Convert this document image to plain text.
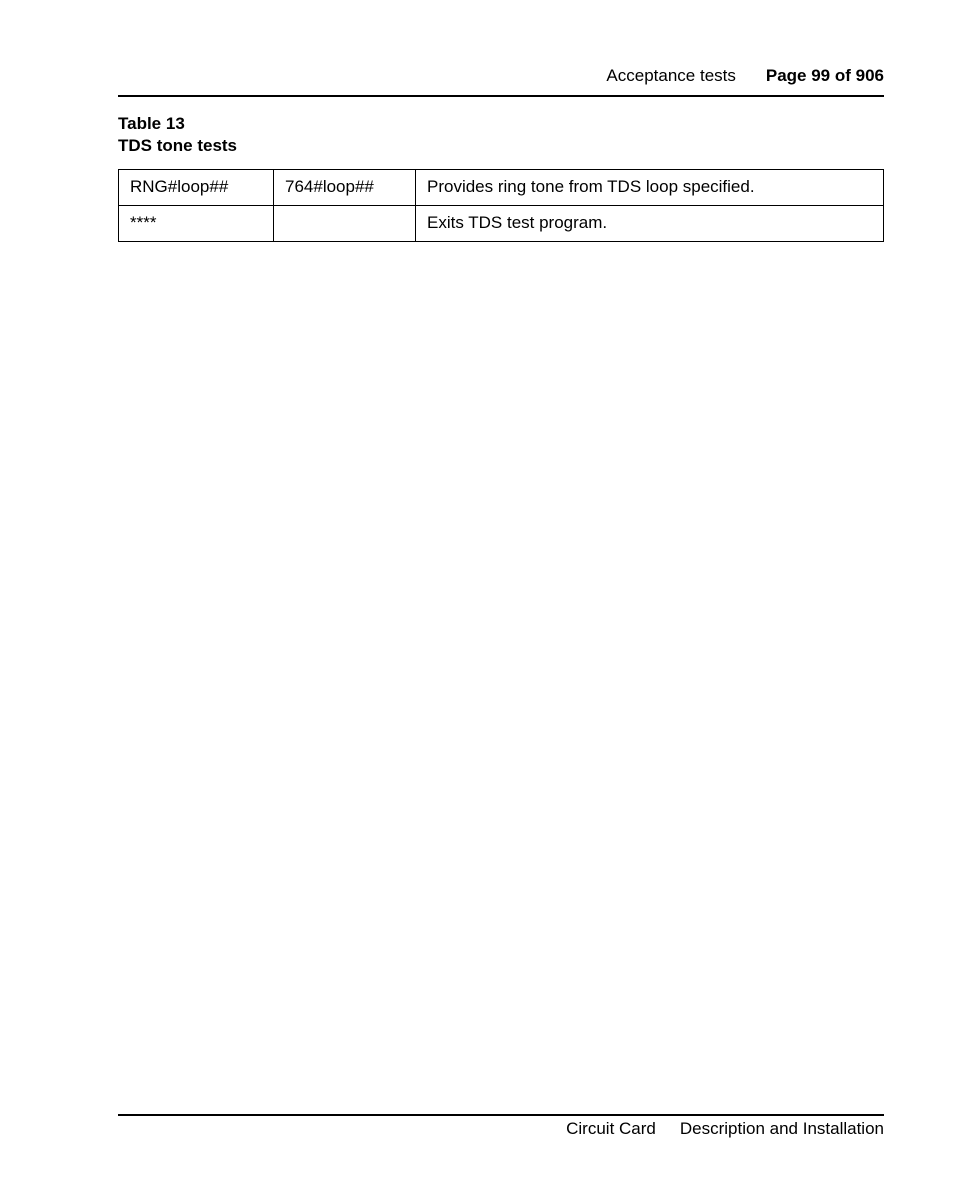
Acceptance tests Page 99 of 906
Table 13
TDS tone tests
RNG#loop##	764#loop##	Provides ring tone from TDS loop specified.
****		Exits TDS test program.
Circuit Card Description and Installation
